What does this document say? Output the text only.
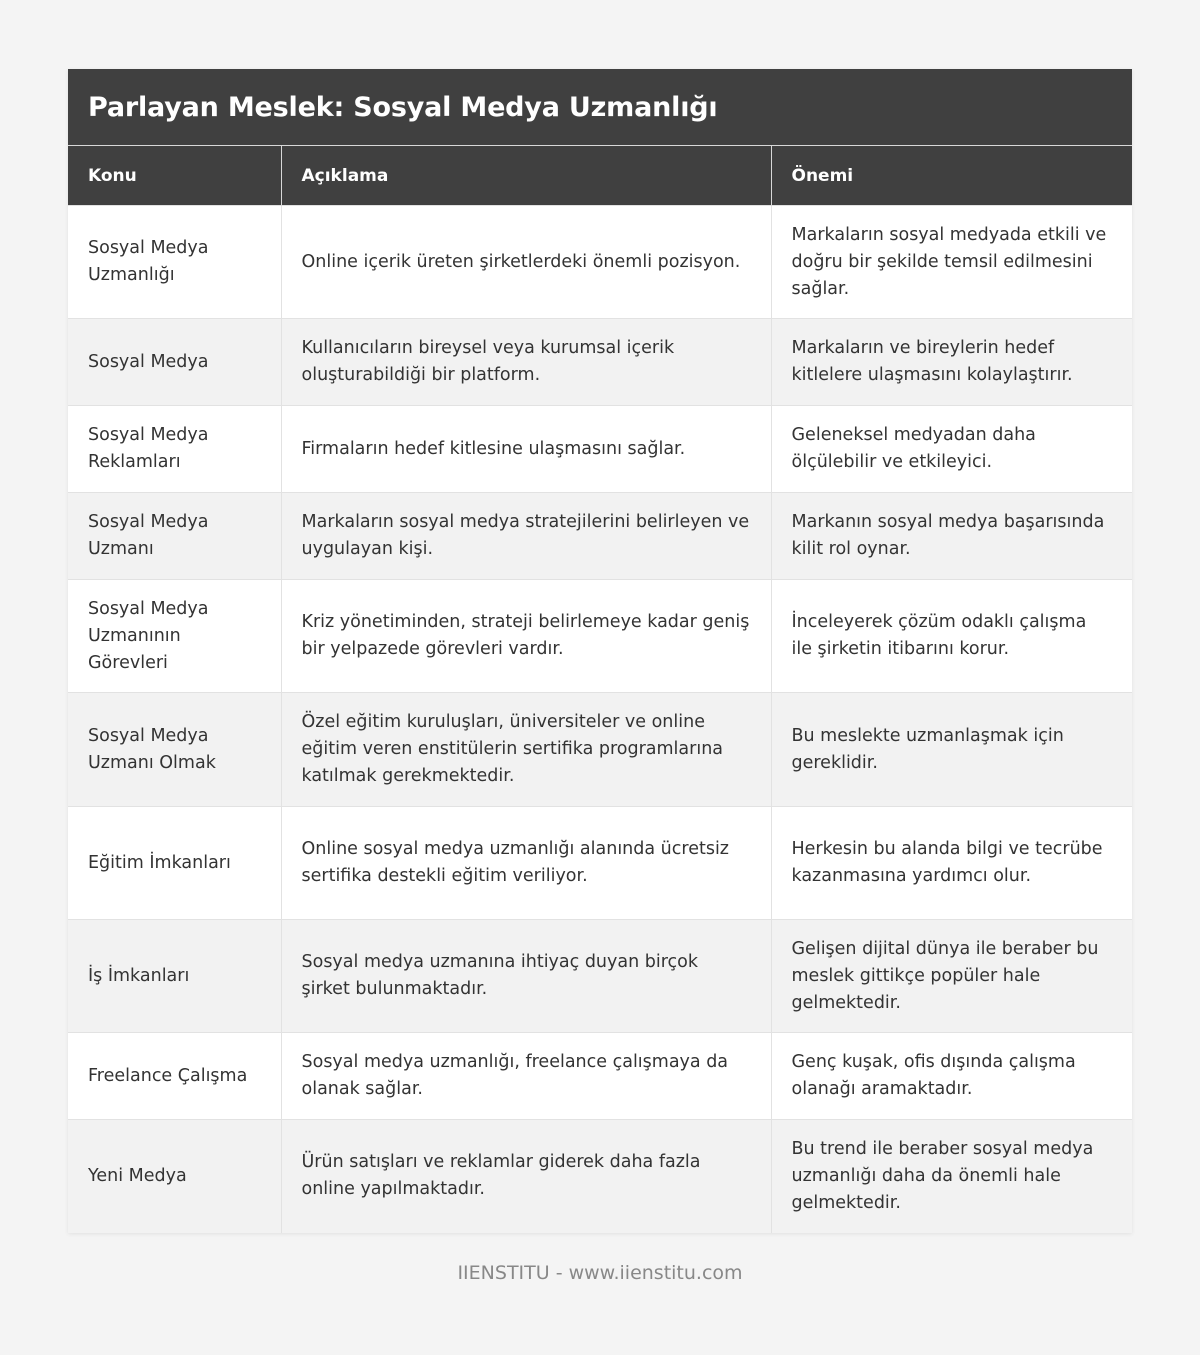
Parlayan Meslek: Sosyal Medya Uzmanlığı
Konu	Açıklama	Önemi
Sosyal Medya Uzmanlığı	Online içerik üreten şirketlerdeki önemli pozisyon.	Markaların sosyal medyada etkili ve doğru bir şekilde temsil edilmesini sağlar.
Sosyal Medya	Kullanıcıların bireysel veya kurumsal içerik oluşturabildiği bir platform.	Markaların ve bireylerin hedef kitlelere ulaşmasını kolaylaştırır.
Sosyal Medya Reklamları	Firmaların hedef kitlesine ulaşmasını sağlar.	Geleneksel medyadan daha ölçülebilir ve etkileyici.
Sosyal Medya Uzmanı	Markaların sosyal medya stratejilerini belirleyen ve uygulayan kişi.	Markanın sosyal medya başarısında kilit rol oynar.
Sosyal Medya Uzmanının Görevleri	Kriz yönetiminden, strateji belirlemeye kadar geniş bir yelpazede görevleri vardır.	İnceleyerek çözüm odaklı çalışma ile şirketin itibarını korur.
Sosyal Medya Uzmanı Olmak	Özel eğitim kuruluşları, üniversiteler ve online eğitim veren enstitülerin sertifika programlarına katılmak gerekmektedir.	Bu meslekte uzmanlaşmak için gereklidir.
Eğitim İmkanları	Online sosyal medya uzmanlığı alanında ücretsiz sertifika destekli eğitim veriliyor.	Herkesin bu alanda bilgi ve tecrübe kazanmasına yardımcı olur.
İş İmkanları	Sosyal medya uzmanına ihtiyaç duyan birçok şirket bulunmaktadır.	Gelişen dijital dünya ile beraber bu meslek gittikçe popüler hale gelmektedir.
Freelance Çalışma	Sosyal medya uzmanlığı, freelance çalışmaya da olanak sağlar.	Genç kuşak, ofis dışında çalışma olanağı aramaktadır.
Yeni Medya	Ürün satışları ve reklamlar giderek daha fazla online yapılmaktadır.	Bu trend ile beraber sosyal medya uzmanlığı daha da önemli hale gelmektedir.
IIENSTITU - www.iienstitu.com
